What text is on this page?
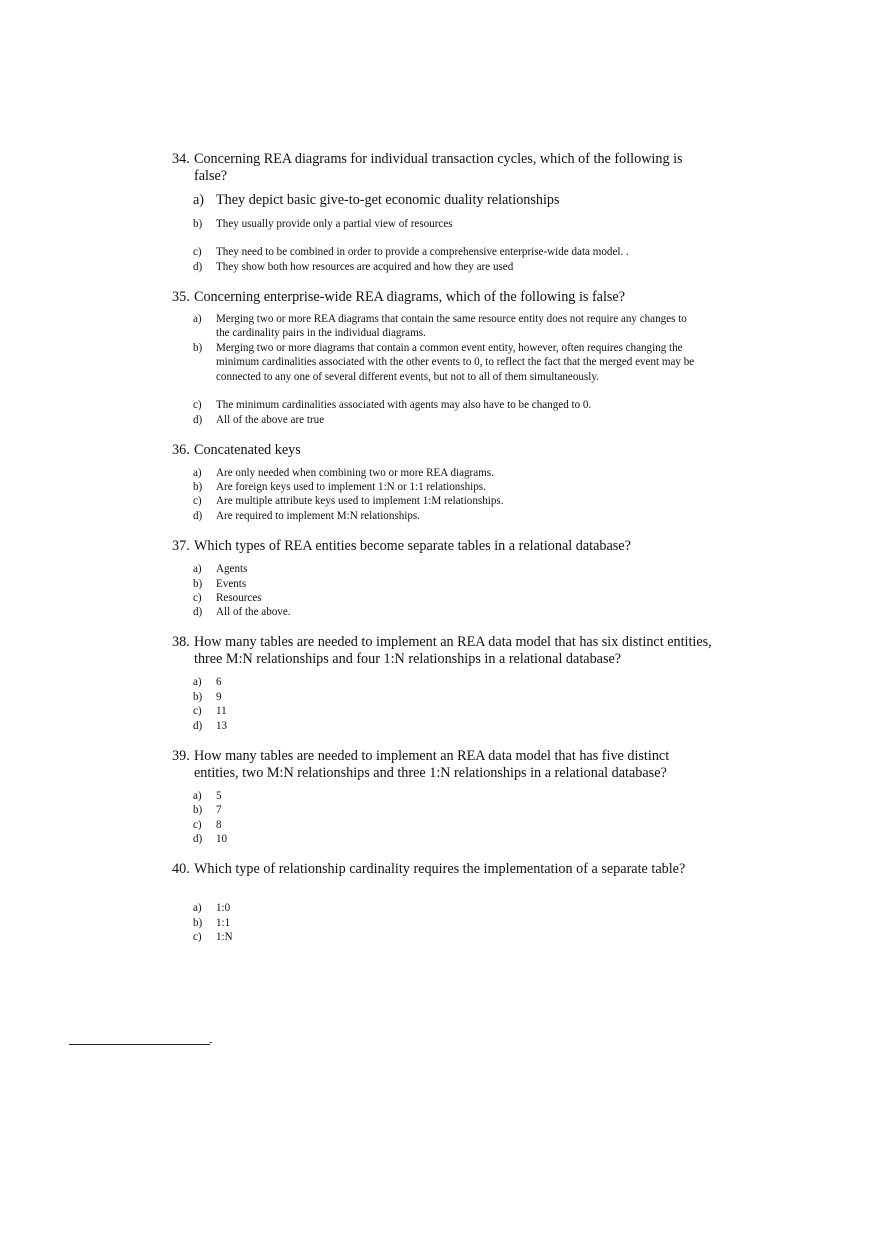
34. Concerning REA diagrams for individual transaction cycles, which of the following is false?
a) They depict basic give-to-get economic duality relationships
b)	They usually provide only a partial view of resources
c)	They need to be combined in order to provide a comprehensive enterprise-wide data model. .
d)	They show both how resources are acquired and how they are used
35. Concerning enterprise-wide REA diagrams, which of the following is false?
a)	Merging two or more REA diagrams that contain the same resource entity does not require any changes to the cardinality pairs in the individual diagrams.
b)	Merging two or more diagrams that contain a common event entity, however, often requires changing the minimum cardinalities associated with the other events to 0, to reflect the fact that the merged event may be connected to any one of several different events, but not to all of them simultaneously.
c)	The minimum cardinalities associated with agents may also have to be changed to 0.
d)	All of the above are true
36. Concatenated keys
a)	Are only needed when combining two or more REA diagrams.
b)	Are foreign keys used to implement 1:N or 1:1 relationships.
c)	Are multiple attribute keys used to implement 1:M relationships.
d)	Are required to implement M:N relationships.
37. Which types of REA entities become separate tables in a relational database?
a)	Agents
b)	Events
c)	Resources
d)	All of the above.
38. How many tables are needed to implement an REA data model that has six distinct entities, three M:N relationships and four 1:N relationships in a relational database?
a)	6
b)	9
c)	11
d)	13
39. How many tables are needed to implement an REA data model that has five distinct entities, two M:N relationships and three 1:N relationships in a relational database?
a)	5
b)	7
c)	8
d)	10
40. Which type of relationship cardinality requires the implementation of a separate table?
a)	1:0
b)	1:1
c)	1:N
-
